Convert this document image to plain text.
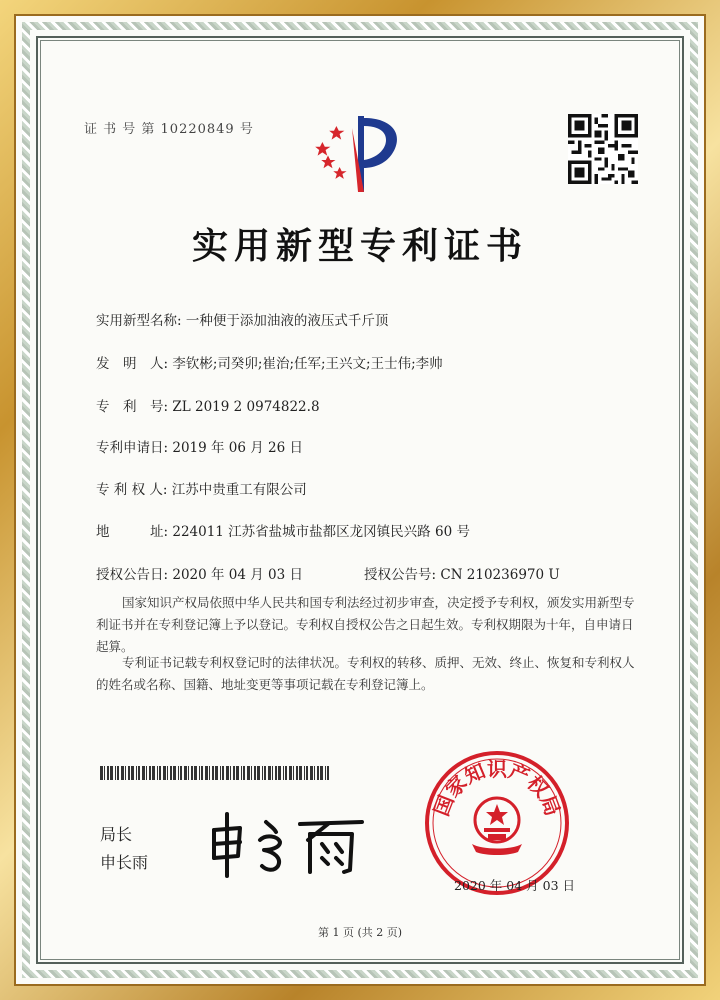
证 书 号 第 10220849 号
实用新型专利证书
实用新型名称: 一种便于添加油液的液压式千斤顶
发　明　人: 李钦彬;司癸卯;崔治;任军;王兴文;王士伟;李帅
专　利　号: ZL 2019 2 0974822.8
专利申请日: 2019 年 06 月 26 日
专 利 权 人: 江苏中贵重工有限公司
地　　　址: 224011 江苏省盐城市盐都区龙冈镇民兴路 60 号
授权公告日: 2020 年 04 月 03 日	授权公告号: CN 210236970 U
国家知识产权局依照中华人民共和国专利法经过初步审查，决定授予专利权，颁发实用新型专利证书并在专利登记簿上予以登记。专利权自授权公告之日起生效。专利权期限为十年，自申请日起算。
专利证书记载专利权登记时的法律状况。专利权的转移、质押、无效、终止、恢复和专利权人的姓名或名称、国籍、地址变更等事项记载在专利登记簿上。
局长
申长雨
国家知识产权局
2020 年 04 月 03 日
第 1 页 (共 2 页)
